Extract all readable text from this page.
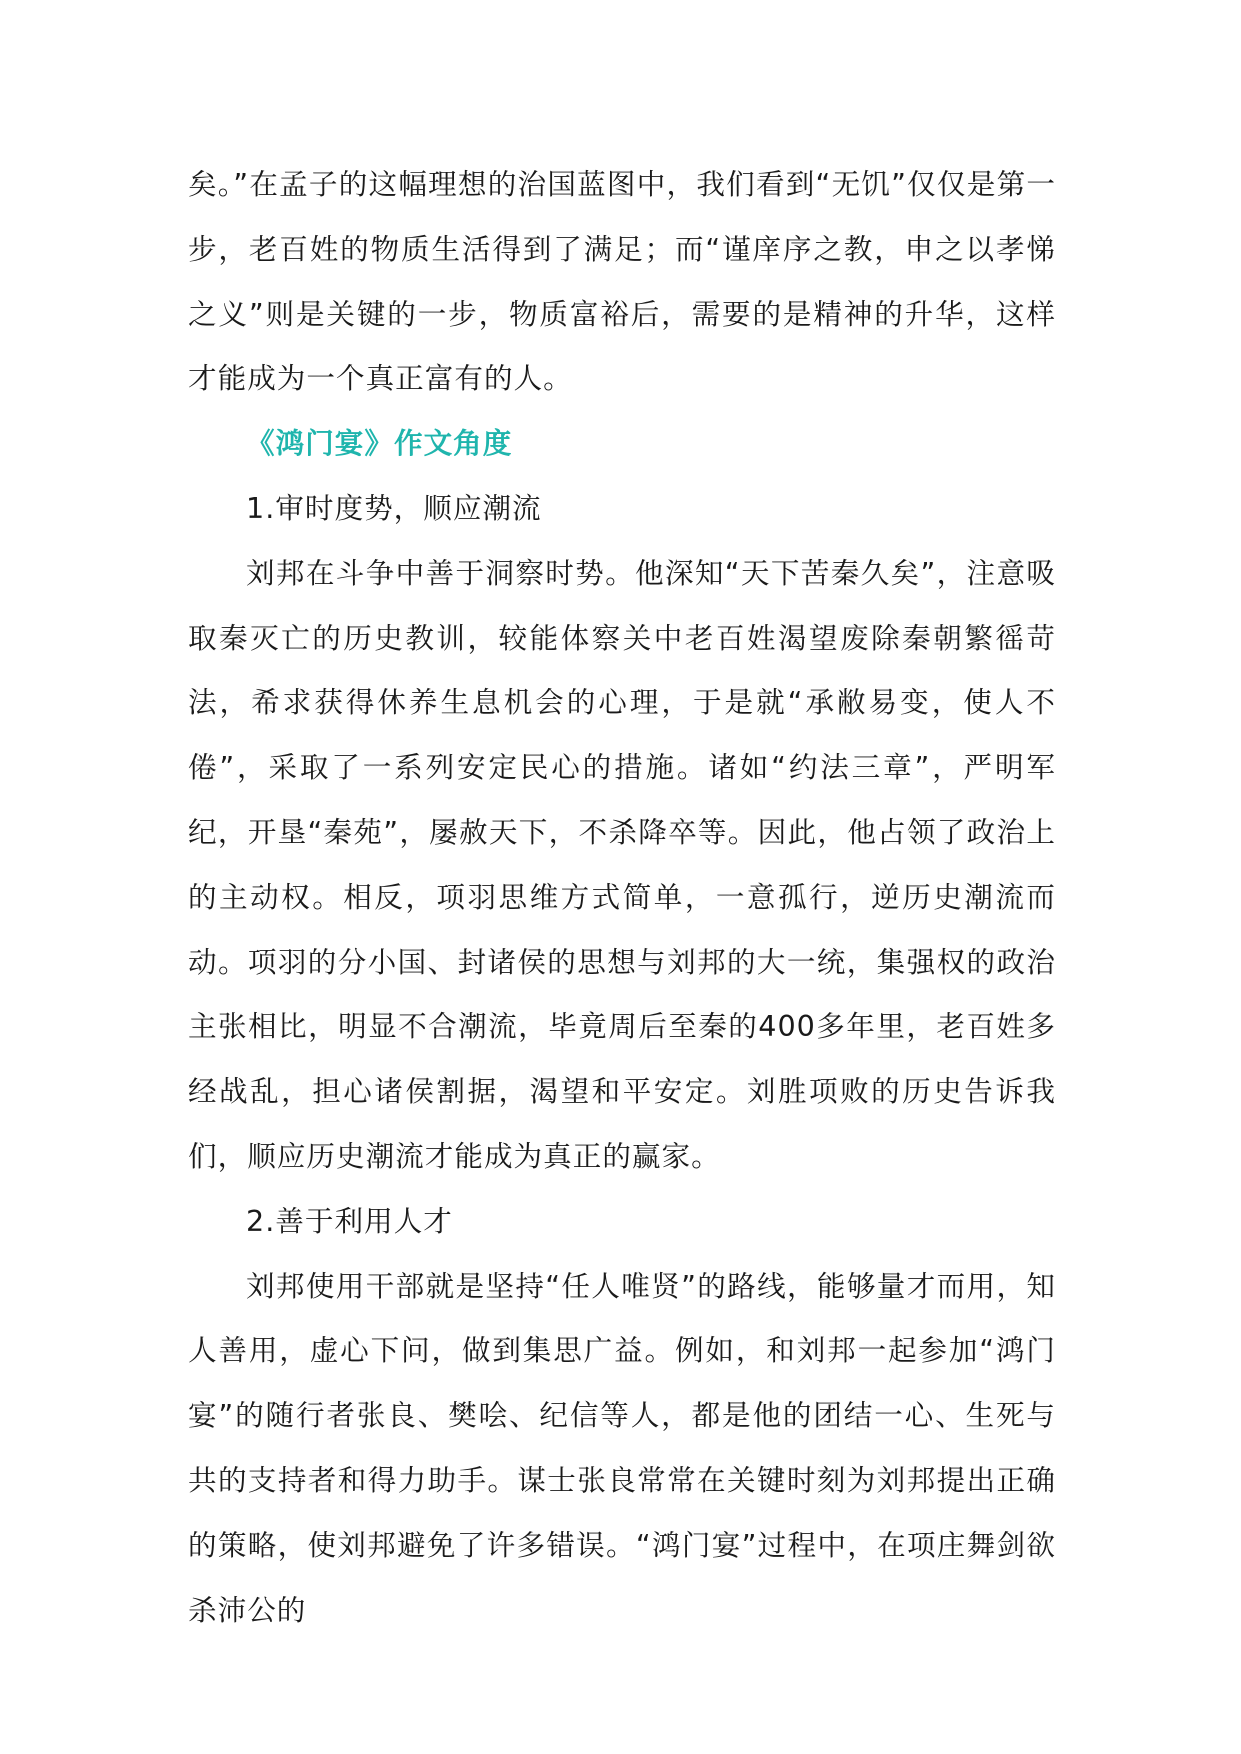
矣。”在孟子的这幅理想的治国蓝图中，我们看到“无饥”仅仅是第一步，老百姓的物质生活得到了满足；而“谨庠序之教，申之以孝悌之义”则是关键的一步，物质富裕后，需要的是精神的升华，这样才能成为一个真正富有的人。

《鸿门宴》作文角度

1.审时度势，顺应潮流

刘邦在斗争中善于洞察时势。他深知“天下苦秦久矣”，注意吸取秦灭亡的历史教训，较能体察关中老百姓渴望废除秦朝繁徭苛法，希求获得休养生息机会的心理，于是就“承敝易变，使人不倦”，采取了一系列安定民心的措施。诸如“约法三章”，严明军纪，开垦“秦苑”，屡赦天下，不杀降卒等。因此，他占领了政治上的主动权。相反，项羽思维方式简单，一意孤行，逆历史潮流而动。项羽的分小国、封诸侯的思想与刘邦的大一统，集强权的政治主张相比，明显不合潮流，毕竟周后至秦的400多年里，老百姓多经战乱，担心诸侯割据，渴望和平安定。刘胜项败的历史告诉我们，顺应历史潮流才能成为真正的赢家。

2.善于利用人才

刘邦使用干部就是坚持“任人唯贤”的路线，能够量才而用，知人善用，虚心下问，做到集思广益。例如，和刘邦一起参加“鸿门宴”的随行者张良、樊哙、纪信等人，都是他的团结一心、生死与共的支持者和得力助手。谋士张良常常在关键时刻为刘邦提出正确的策略，使刘邦避免了许多错误。“鸿门宴”过程中，在项庄舞剑欲杀沛公的
